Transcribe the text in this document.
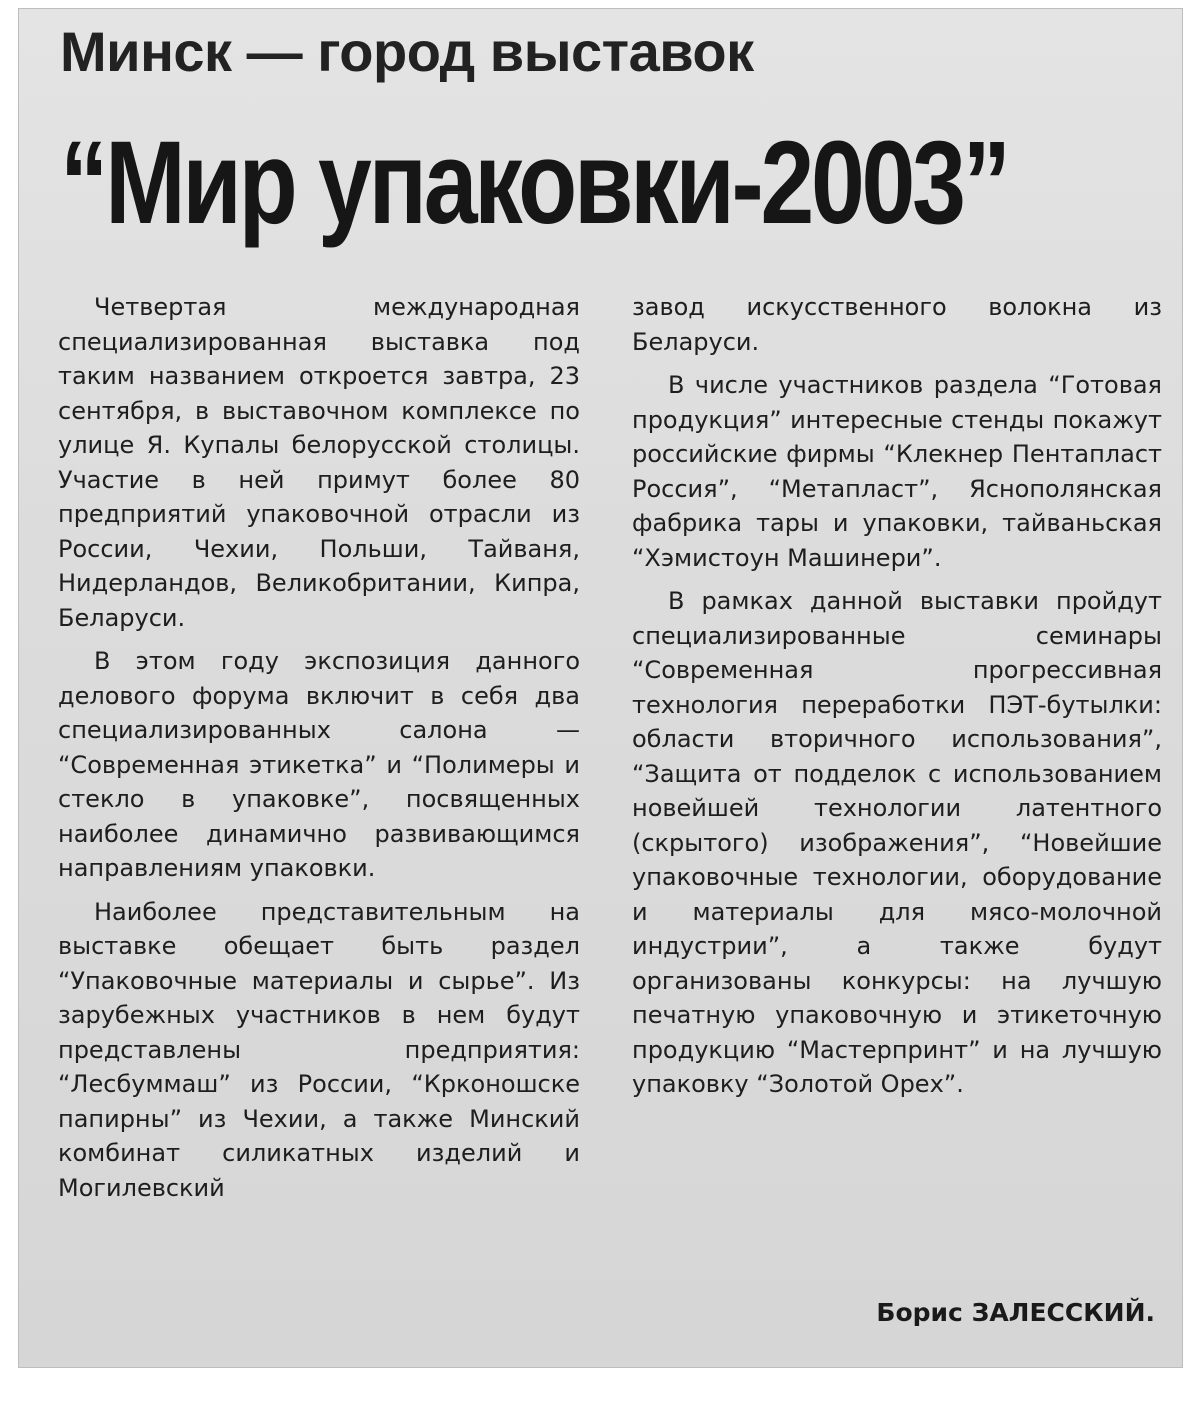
Минск — город выставок
“Мир упаковки-2003”

Четвертая международная специализированная выставка под таким названием откроется завтра, 23 сентября, в выставочном комплексе по улице Я. Купалы белорусской столицы. Участие в ней примут более 80 предприятий упаковочной отрасли из России, Чехии, Польши, Тайваня, Нидерландов, Великобритании, Кипра, Беларуси.

В этом году экспозиция данного делового форума включит в себя два специализированных салона — “Современная этикетка” и “Полимеры и стекло в упаковке”, посвященных наиболее динамично развивающимся направлениям упаковки.

Наиболее представительным на выставке обещает быть раздел “Упаковочные материалы и сырье”. Из зарубежных участников в нем будут представлены предприятия: “Лесбуммаш” из России, “Крконошске папирны” из Чехии, а также Минский комбинат силикатных изделий и Могилевский

завод искусственного волокна из Беларуси.

В числе участников раздела “Готовая продукция” интересные стенды покажут российские фирмы “Клекнер Пентапласт Россия”, “Метапласт”, Яснополянская фабрика тары и упаковки, тайваньская “Хэмистоун Машинери”.

В рамках данной выставки пройдут специализированные семинары “Современная прогрессивная технология переработки ПЭТ-бутылки: области вторичного использования”, “Защита от подделок с использованием новейшей технологии латентного (скрытого) изображения”, “Новейшие упаковочные технологии, оборудование и материалы для мясо-молочной индустрии”, а также будут организованы конкурсы: на лучшую печатную упаковочную и этикеточную продукцию “Мастерпринт” и на лучшую упаковку “Золотой Орех”.

Борис ЗАЛЕССКИЙ.
